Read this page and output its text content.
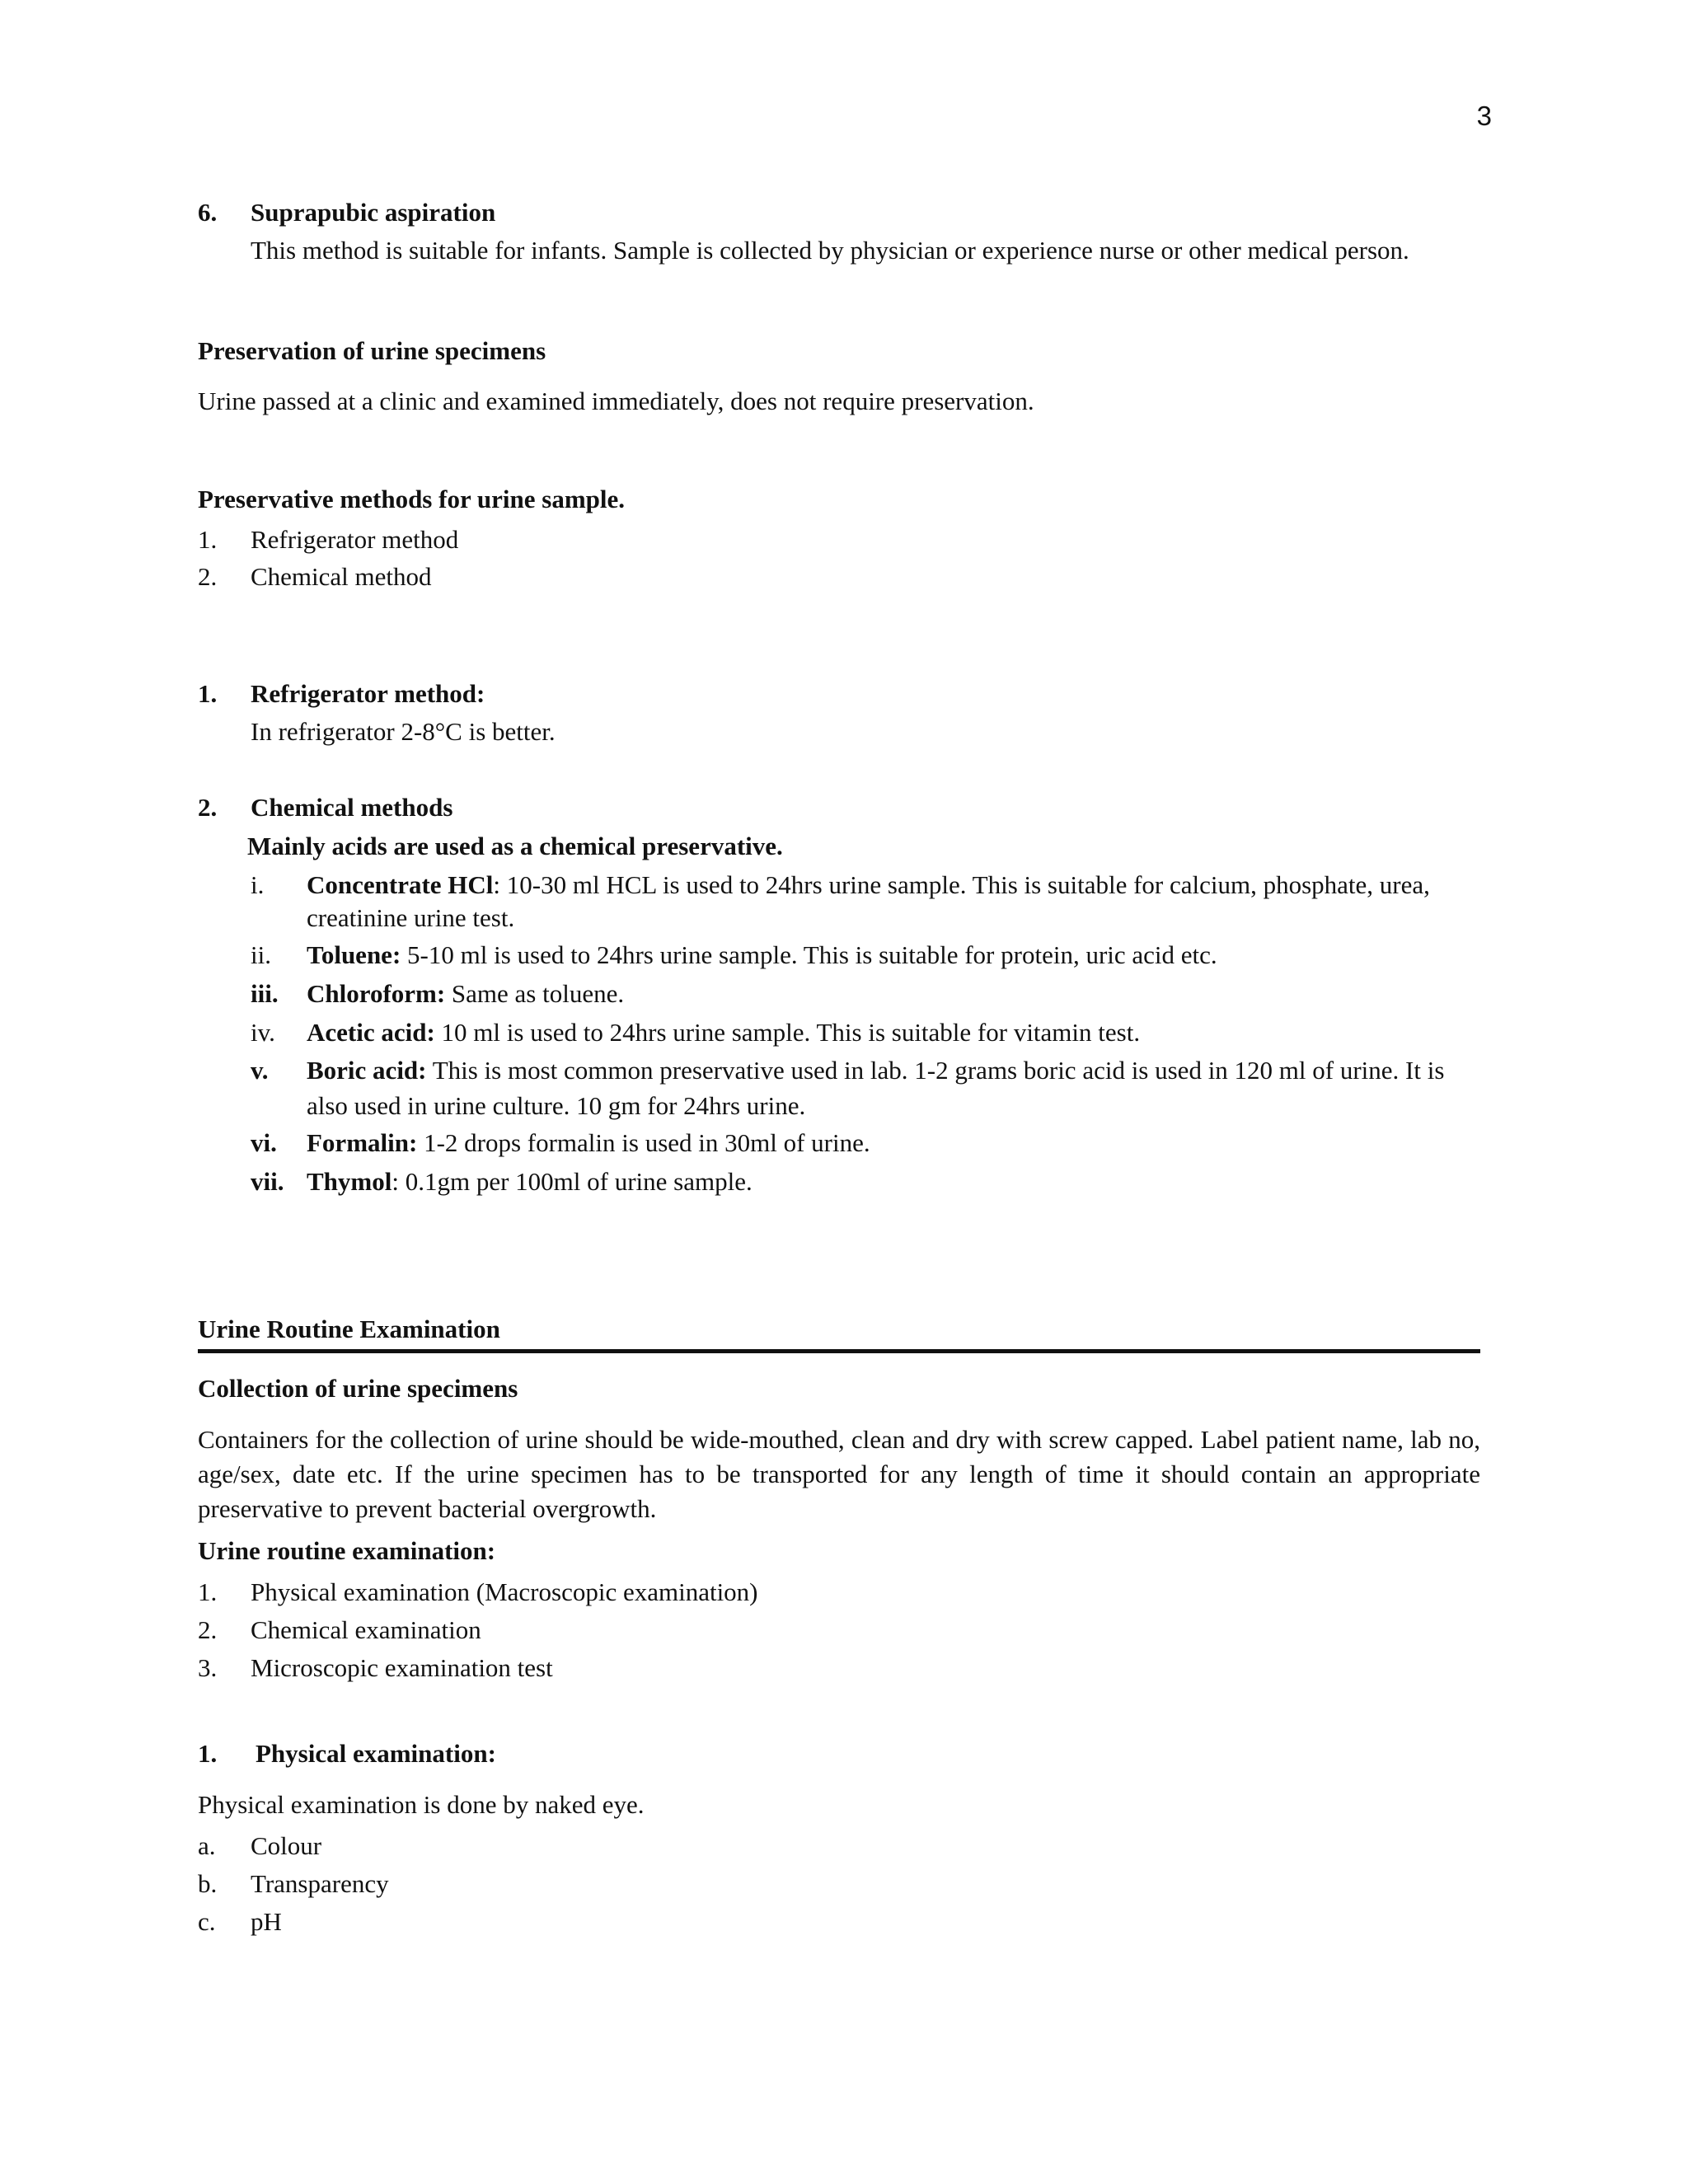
3
6. Suprapubic aspiration
This method is suitable for infants. Sample is collected by physician or experience nurse or other medical person.
Preservation of urine specimens
Urine passed at a clinic and examined immediately, does not require preservation.
Preservative methods for urine sample.
1. Refrigerator method
2. Chemical method
1. Refrigerator method:
In refrigerator 2-8°C is better.
2. Chemical methods
Mainly acids are used as a chemical preservative.
i. Concentrate HCl: 10-30 ml HCL is used to 24hrs urine sample. This is suitable for calcium, phosphate, urea,
creatinine urine test.
ii. Toluene: 5-10 ml is used to 24hrs urine sample. This is suitable for protein, uric acid etc.
iii. Chloroform: Same as toluene.
iv. Acetic acid: 10 ml is used to 24hrs urine sample. This is suitable for vitamin test.
v. Boric acid: This is most common preservative used in lab. 1-2 grams boric acid is used in 120 ml of urine. It is
also used in urine culture. 10 gm for 24hrs urine.
vi. Formalin: 1-2 drops formalin is used in 30ml of urine.
vii. Thymol: 0.1gm per 100ml of urine sample.
Urine Routine Examination
Collection of urine specimens
Containers for the collection of urine should be wide-mouthed, clean and dry with screw capped. Label patient name, lab no, age/sex, date etc. If the urine specimen has to be transported for any length of time it should contain an appropriate preservative to prevent bacterial overgrowth.
Urine routine examination:
1. Physical examination (Macroscopic examination)
2. Chemical examination
3. Microscopic examination test
1. Physical examination:
Physical examination is done by naked eye.
a. Colour
b. Transparency
c. pH
